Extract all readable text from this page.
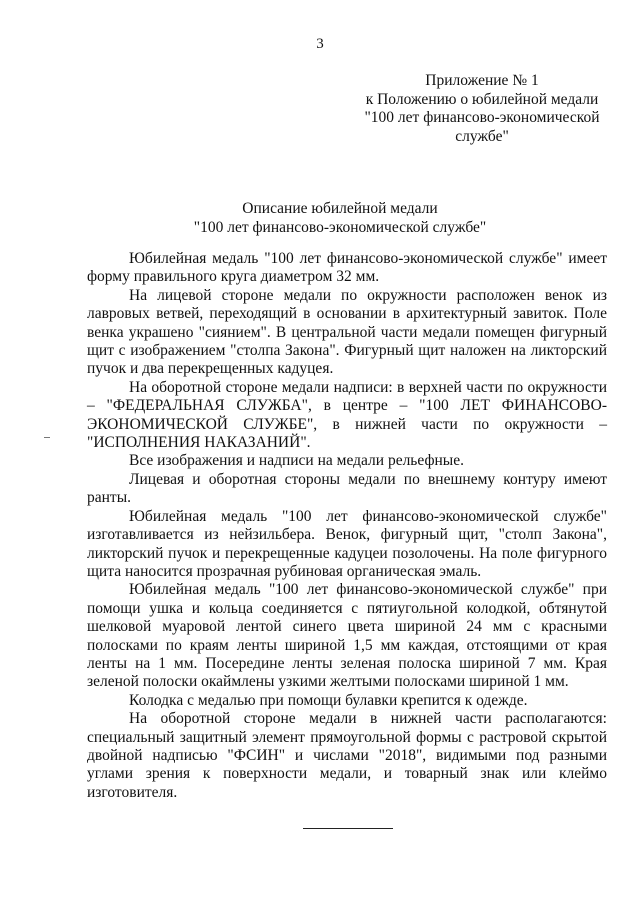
3
Приложение № 1
к Положению о юбилейной медали
"100 лет финансово-экономической
службе"
Описание юбилейной медали
"100 лет финансово-экономической службе"

Юбилейная медаль "100 лет финансово-экономической службе" имеет форму правильного круга диаметром 32 мм.

На лицевой стороне медали по окружности расположен венок из лавровых ветвей, переходящий в основании в архитектурный завиток. Поле венка украшено "сиянием". В центральной части медали помещен фигурный щит с изображением "столпа Закона". Фигурный щит наложен на ликторский пучок и два перекрещенных кадуцея.

На оборотной стороне медали надписи: в верхней части по окружности – "ФЕДЕРАЛЬНАЯ СЛУЖБА", в центре – "100 ЛЕТ ФИНАНСОВО-ЭКОНОМИЧЕСКОЙ СЛУЖБЕ", в нижней части по окружности – "ИСПОЛНЕНИЯ НАКАЗАНИЙ".

Все изображения и надписи на медали рельефные.

Лицевая и оборотная стороны медали по внешнему контуру имеют ранты.

Юбилейная медаль "100 лет финансово-экономической службе" изготавливается из нейзильбера. Венок, фигурный щит, "столп Закона", ликторский пучок и перекрещенные кадуцеи позолочены. На поле фигурного щита наносится прозрачная рубиновая органическая эмаль.

Юбилейная медаль "100 лет финансово-экономической службе" при помощи ушка и кольца соединяется с пятиугольной колодкой, обтянутой шелковой муаровой лентой синего цвета шириной 24 мм с красными полосками по краям ленты шириной 1,5 мм каждая, отстоящими от края ленты на 1 мм. Посередине ленты зеленая полоска шириной 7 мм. Края зеленой полоски окаймлены узкими желтыми полосками шириной 1 мм.

Колодка с медалью при помощи булавки крепится к одежде.

На оборотной стороне медали в нижней части располагаются: специальный защитный элемент прямоугольной формы с растровой скрытой двойной надписью "ФСИН" и числами "2018", видимыми под разными углами зрения к поверхности медали, и товарный знак или клеймо изготовителя.
